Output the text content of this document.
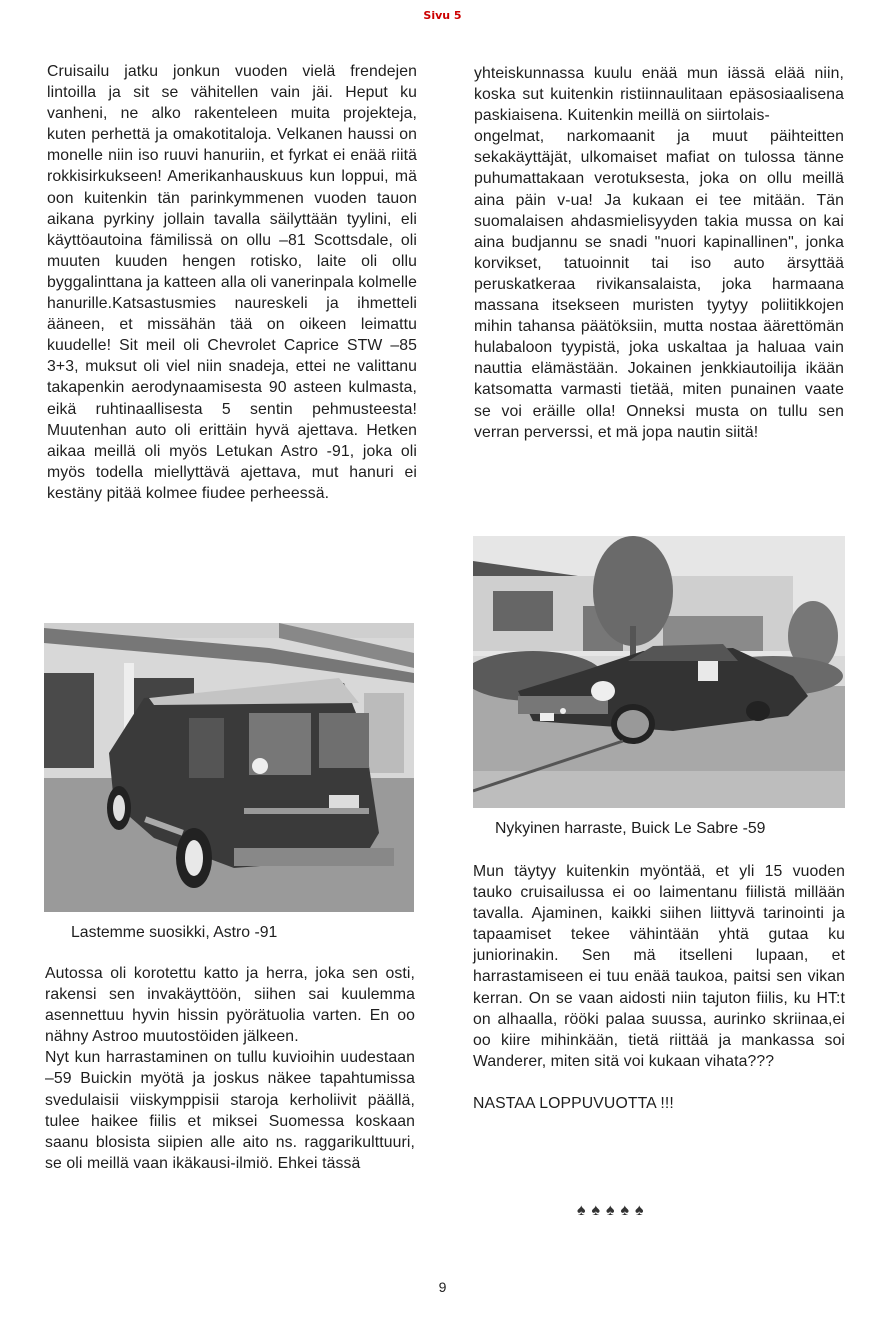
Sivu 5

Cruisailu jatku jonkun vuoden vielä frendejen lintoilla ja sit se vähitellen vain jäi. Heput ku vanheni, ne alko rakenteleen muita projekteja, kuten perhettä ja omakotitaloja. Velkanen haussi on monelle niin iso ruuvi hanuriin, et fyrkat ei enää riitä rokkisirkukseen! Amerikanhauskuus kun loppui, mä oon kuitenkin tän parinkymmenen vuoden tauon aikana pyrkiny jollain tavalla säilyttään tyylini, eli käyttöautoina fämilissä on ollu –81 Scottsdale, oli muuten kuuden hengen rotisko, laite oli ollu byggalinttana ja katteen alla oli vanerinpala kolmelle hanurille.Katsastusmies naureskeli ja ihmetteli ääneen, et missähän tää on oikeen leimattu kuudelle! Sit meil oli Chevrolet Caprice STW –85 3+3, muksut oli viel niin snadeja, ettei ne valittanu takapenkin aerodynaamisesta 90 asteen kulmasta, eikä ruhtinaallisesta 5 sentin pehmusteesta! Muutenhan auto oli erittäin hyvä ajettava. Hetken aikaa meillä oli myös Letukan Astro -91, joka oli myös todella miellyttävä ajettava, mut hanuri ei kestäny pitää kolmee fiudee perheessä.

yhteiskunnassa kuulu enää mun iässä elää niin, koska sut kuitenkin ristiinnaulitaan epäsosiaalisena paskiaisena. Kuitenkin meillä on siirtolais-

ongelmat, narkomaanit ja muut päihteitten sekakäyttäjät, ulkomaiset mafiat on tulossa tänne puhumattakaan verotuksesta, joka on ollu meillä aina päin v-ua! Ja kukaan ei tee mitään. Tän suomalaisen ahdasmielisyyden takia mussa on kai aina budjannu se snadi "nuori kapinallinen", jonka korvikset, tatuoinnit tai iso auto ärsyttää peruskatkeraa rivikansalaista, joka harmaana massana itsekseen muristen tyytyy poliitikkojen mihin tahansa päätöksiin, mutta nostaa äärettömän hulabaloon tyypistä, joka uskaltaa ja haluaa vain nauttia elämästään. Jokainen jenkkiautoilija ikään katsomatta varmasti tietää, miten punainen vaate se voi eräille olla! Onneksi musta on tullu sen verran perverssi, et mä jopa nautin siitä!

Lastemme suosikki, Astro -91
Nykyinen harraste, Buick Le Sabre -59

Autossa oli korotettu katto ja herra, joka sen osti, rakensi sen invakäyttöön, siihen sai kuulemma asennettuu hyvin hissin pyörätuolia varten. En oo nähny Astroo muutostöiden jälkeen.

Nyt kun harrastaminen on tullu kuvioihin uudestaan –59 Buickin myötä ja joskus näkee tapahtumissa svedulaisii viiskymppisii staroja kerholiivit päällä, tulee haikee fiilis et miksei Suomessa koskaan saanu blosista siipien alle aito ns. raggarikulttuuri, se oli meillä vaan ikäkausi-ilmiö. Ehkei tässä

Mun täytyy kuitenkin myöntää, et yli 15 vuoden tauko cruisailussa ei oo laimentanu fiilistä millään tavalla. Ajaminen, kaikki siihen liittyvä tarinointi ja tapaamiset tekee vähintään yhtä gutaa ku juniorinakin. Sen mä itselleni lupaan, et harrastamiseen ei tuu enää taukoa, paitsi sen vikan kerran. On se vaan aidosti niin tajuton fiilis, ku HT:t on alhaalla, rööki palaa suussa, aurinko skriinaa,ei oo kiire mihinkään, tietä riittää ja mankassa soi Wanderer, miten sitä voi kukaan vihata???

NASTAA LOPPUVUOTTA !!!

♠♠♠♠♠
9
